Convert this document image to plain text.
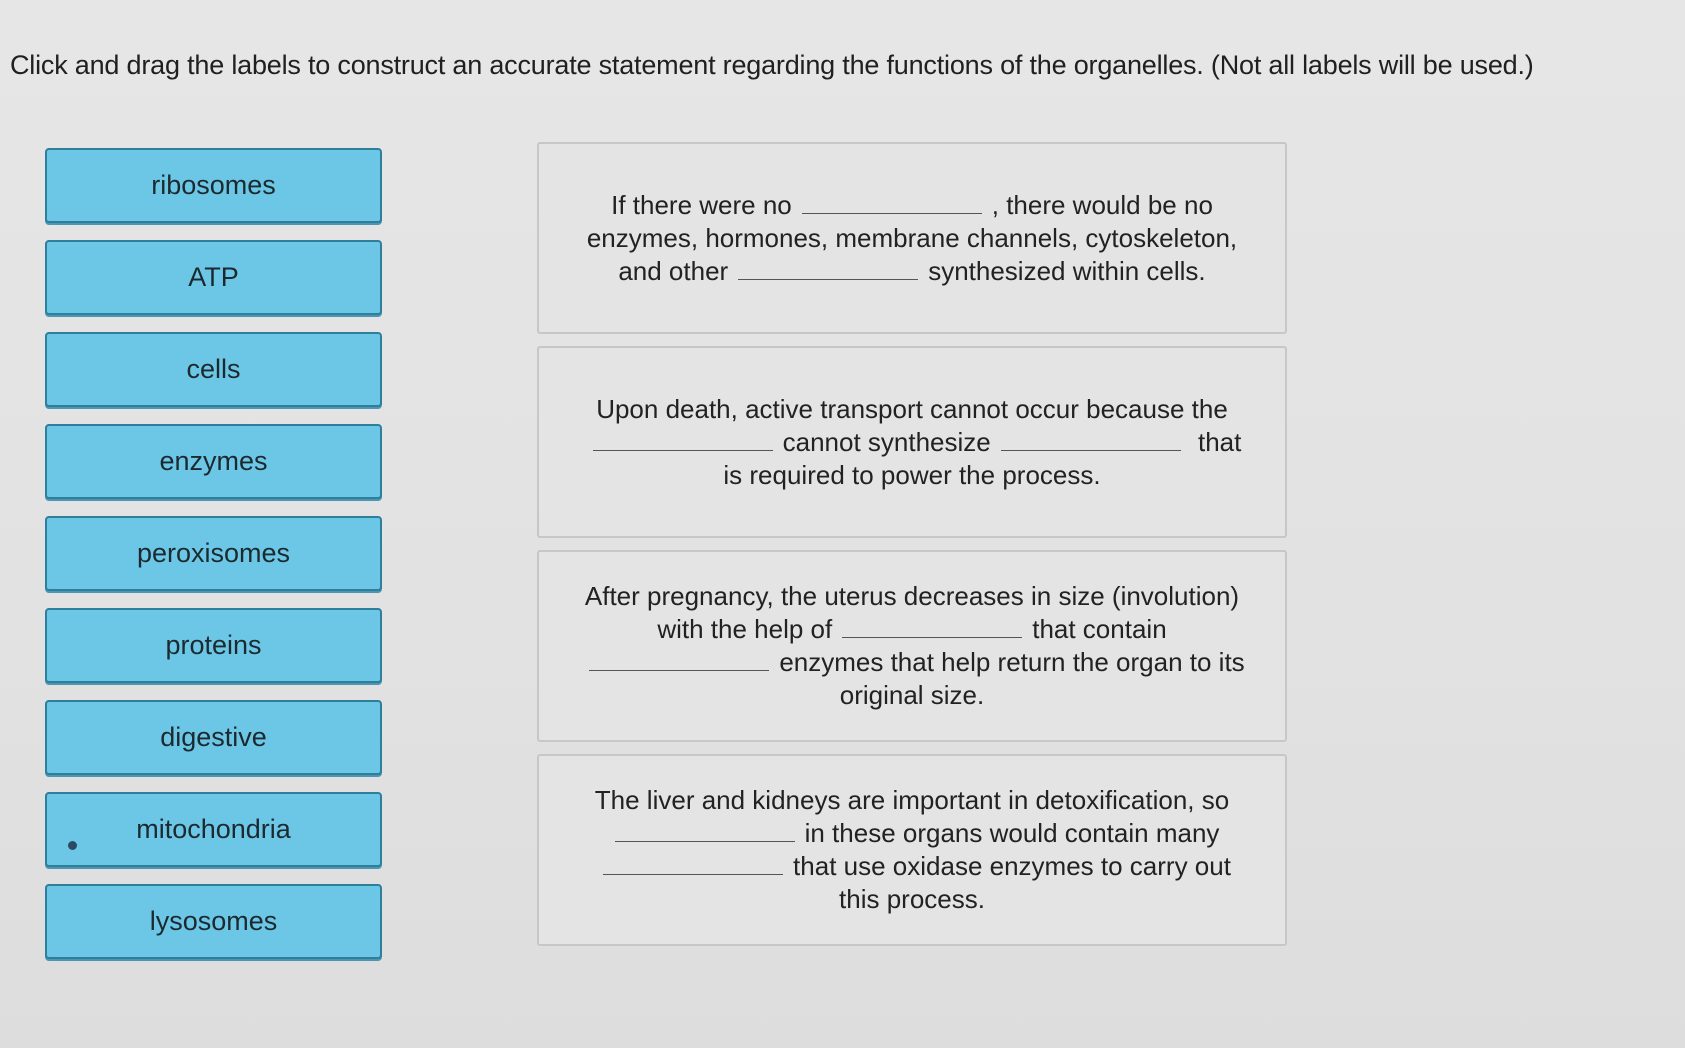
Click and drag the labels to construct an accurate statement regarding the functions of the organelles. (Not all labels will be used.)
ribosomes
ATP
cells
enzymes
peroxisomes
proteins
digestive
mitochondria
lysosomes
If there were no	, there would be no enzymes, hormones, membrane channels, cytoskeleton, and other	synthesized within cells.
Upon death, active transport cannot occur because the cannot synthesize	that is required to power the process.
After pregnancy, the uterus decreases in size (involution) with the help of	that contain enzymes that help return the organ to its original size.
The liver and kidneys are important in detoxification, so in these organs would contain many that use oxidase enzymes to carry out this process.
